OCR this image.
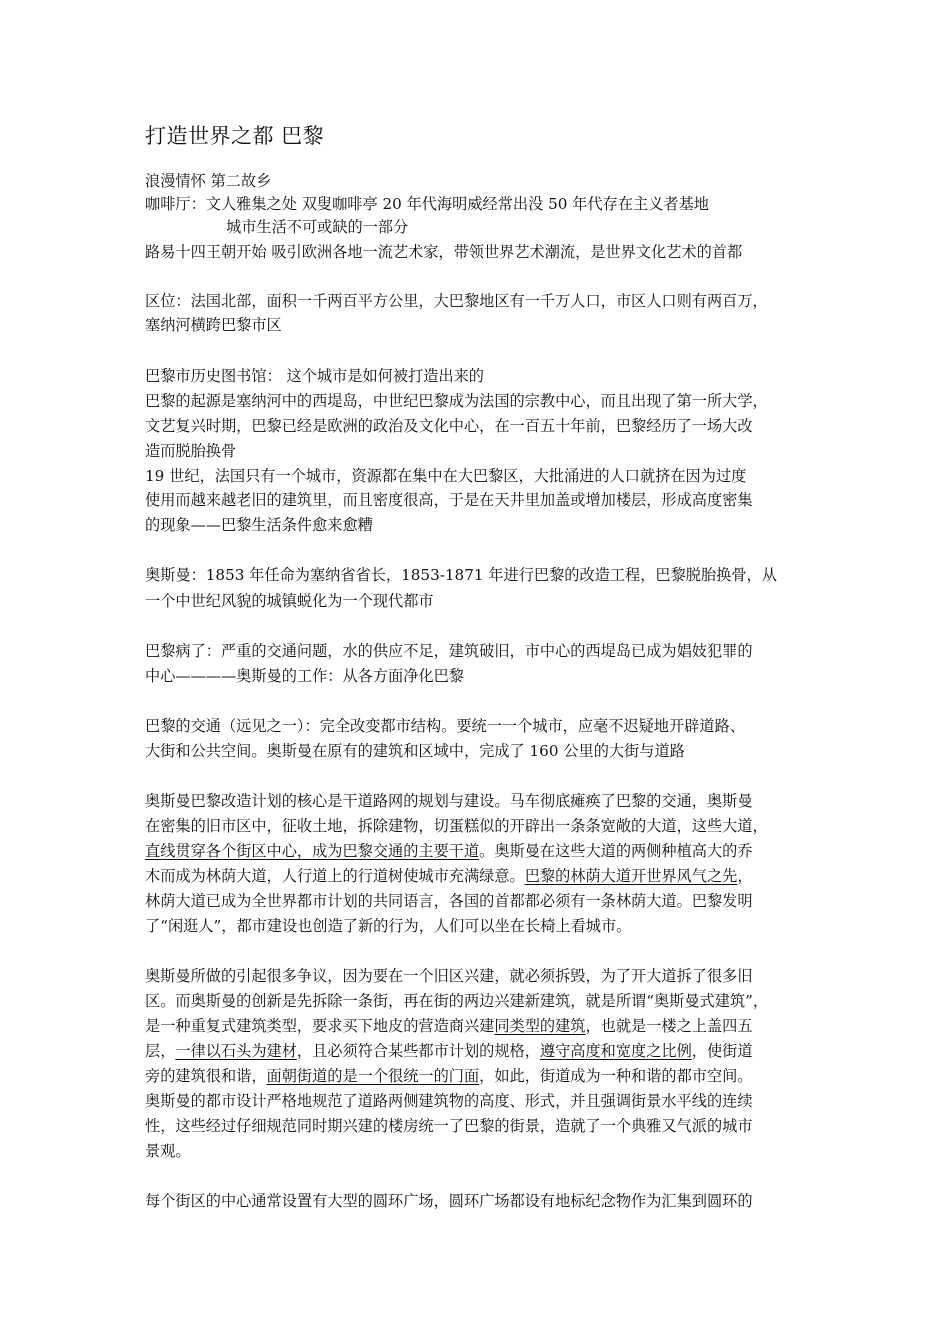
打造世界之都 巴黎
浪漫情怀 第二故乡
咖啡厅：文人雅集之处 双叟咖啡亭 20 年代海明威经常出没 50 年代存在主义者基地
城市生活不可或缺的一部分
路易十四王朝开始 吸引欧洲各地一流艺术家，带领世界艺术潮流，是世界文化艺术的首都
区位：法国北部，面积一千两百平方公里，大巴黎地区有一千万人口，市区人口则有两百万，
塞纳河横跨巴黎市区
巴黎市历史图书馆： 这个城市是如何被打造出来的
巴黎的起源是塞纳河中的西堤岛，中世纪巴黎成为法国的宗教中心，而且出现了第一所大学，
文艺复兴时期，巴黎已经是欧洲的政治及文化中心，在一百五十年前，巴黎经历了一场大改
造而脱胎换骨
19 世纪，法国只有一个城市，资源都在集中在大巴黎区，大批涌进的人口就挤在因为过度
使用而越来越老旧的建筑里，而且密度很高，于是在天井里加盖或增加楼层，形成高度密集
的现象——巴黎生活条件愈来愈糟
奥斯曼：1853 年任命为塞纳省省长，1853-1871 年进行巴黎的改造工程，巴黎脱胎换骨，从
一个中世纪风貌的城镇蜕化为一个现代都市
巴黎病了：严重的交通问题，水的供应不足，建筑破旧，市中心的西堤岛已成为娼妓犯罪的
中心————奥斯曼的工作：从各方面净化巴黎
巴黎的交通（远见之一）：完全改变都市结构。要统一一个城市，应毫不迟疑地开辟道路、
大街和公共空间。奥斯曼在原有的建筑和区域中，完成了 160 公里的大街与道路
奥斯曼巴黎改造计划的核心是干道路网的规划与建设。马车彻底瘫痪了巴黎的交通，奥斯曼
在密集的旧市区中，征收土地，拆除建物，切蛋糕似的开辟出一条条宽敞的大道，这些大道，
直线贯穿各个街区中心，成为巴黎交通的主要干道。奥斯曼在这些大道的两侧种植高大的乔
木而成为林荫大道，人行道上的行道树使城市充满绿意。巴黎的林荫大道开世界风气之先，
林荫大道已成为全世界都市计划的共同语言，各国的首都都必须有一条林荫大道。巴黎发明
了“闲逛人”，都市建设也创造了新的行为，人们可以坐在长椅上看城市。
奥斯曼所做的引起很多争议，因为要在一个旧区兴建，就必须拆毁，为了开大道拆了很多旧
区。而奥斯曼的创新是先拆除一条街，再在街的两边兴建新建筑，就是所谓“奥斯曼式建筑”，
是一种重复式建筑类型，要求买下地皮的营造商兴建同类型的建筑，也就是一楼之上盖四五
层，一律以石头为建材，且必须符合某些都市计划的规格，遵守高度和宽度之比例，使街道
旁的建筑很和谐，面朝街道的是一个很统一的门面，如此，街道成为一种和谐的都市空间。
奥斯曼的都市设计严格地规范了道路两侧建筑物的高度、形式，并且强调街景水平线的连续
性，这些经过仔细规范同时期兴建的楼房统一了巴黎的街景，造就了一个典雅又气派的城市
景观。
每个街区的中心通常设置有大型的圆环广场，圆环广场都设有地标纪念物作为汇集到圆环的
